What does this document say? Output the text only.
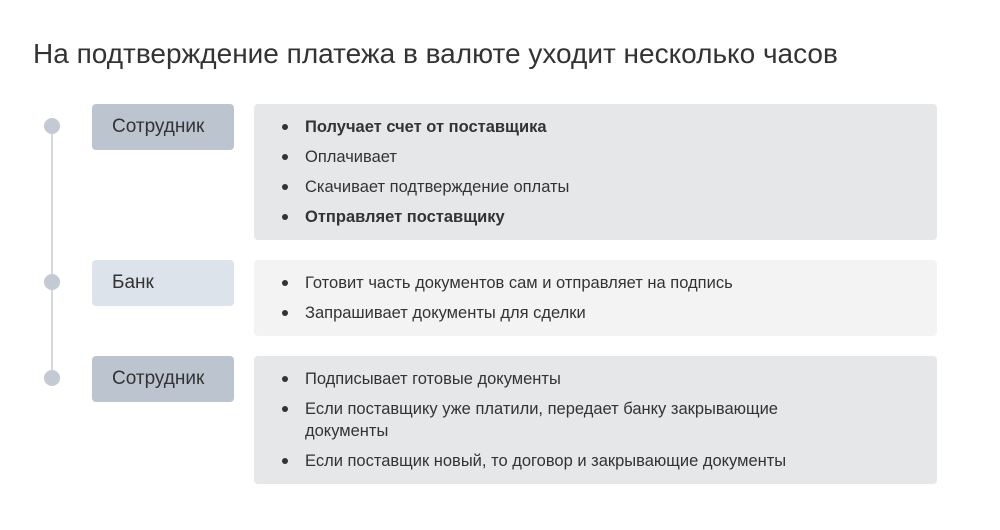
На подтверждение платежа в валюте уходит несколько часов
Сотрудник	Получает счет от поставщика
Оплачивает
Скачивает подтверждение оплаты
Отправляет поставщику
Банк	Готовит часть документов сам и отправляет на подпись
Запрашивает документы для сделки
Сотрудник	Подписывает готовые документы
Если поставщику уже платили, передает банку закрывающие документы
Если поставщик новый, то договор и закрывающие документы
